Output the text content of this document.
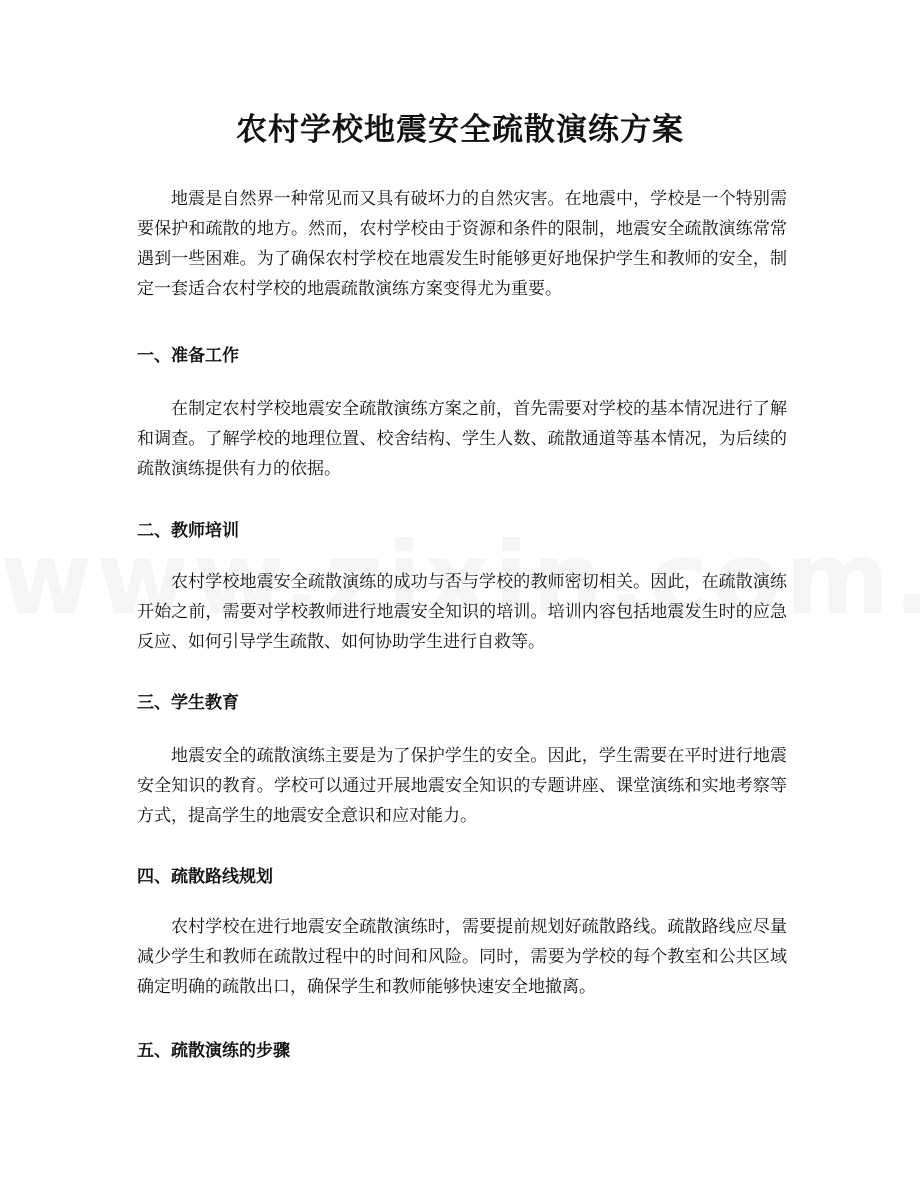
农村学校地震安全疏散演练方案

地震是自然界一种常见而又具有破坏力的自然灾害。在地震中，学校是一个特别需要保护和疏散的地方。然而，农村学校由于资源和条件的限制，地震安全疏散演练常常遇到一些困难。为了确保农村学校在地震发生时能够更好地保护学生和教师的安全，制定一套适合农村学校的地震疏散演练方案变得尤为重要。

一、准备工作

在制定农村学校地震安全疏散演练方案之前，首先需要对学校的基本情况进行了解和调查。了解学校的地理位置、校舍结构、学生人数、疏散通道等基本情况，为后续的疏散演练提供有力的依据。

二、教师培训

农村学校地震安全疏散演练的成功与否与学校的教师密切相关。因此，在疏散演练开始之前，需要对学校教师进行地震安全知识的培训。培训内容包括地震发生时的应急反应、如何引导学生疏散、如何协助学生进行自救等。

三、学生教育

地震安全的疏散演练主要是为了保护学生的安全。因此，学生需要在平时进行地震安全知识的教育。学校可以通过开展地震安全知识的专题讲座、课堂演练和实地考察等方式，提高学生的地震安全意识和应对能力。

四、疏散路线规划

农村学校在进行地震安全疏散演练时，需要提前规划好疏散路线。疏散路线应尽量减少学生和教师在疏散过程中的时间和风险。同时，需要为学校的每个教室和公共区域确定明确的疏散出口，确保学生和教师能够快速安全地撤离。

五、疏散演练的步骤
